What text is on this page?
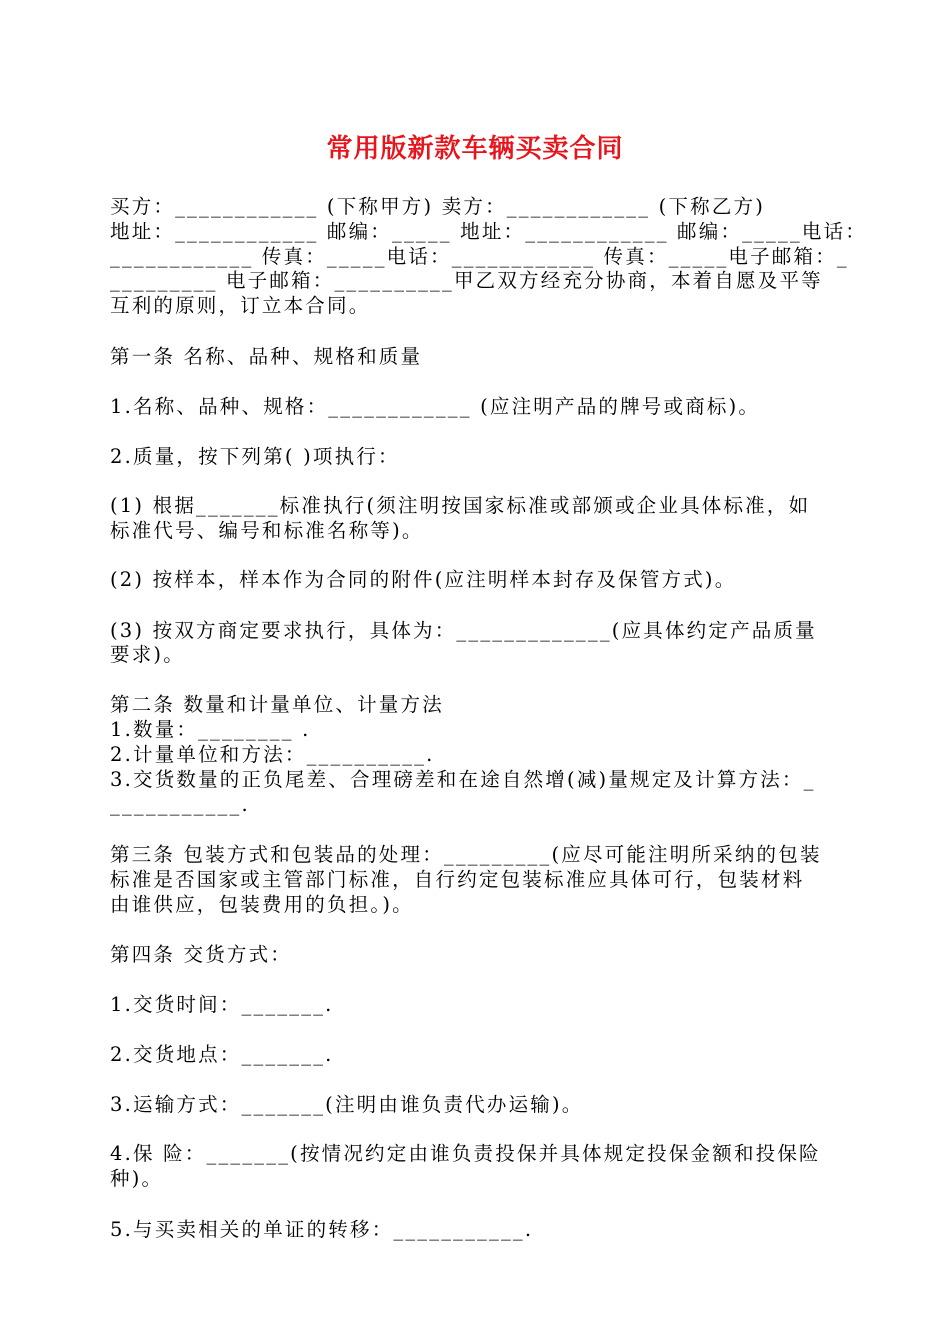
常用版新款车辆买卖合同
买方：____________ (下称甲方) 卖方：____________ (下称乙方)
地址：____________ 邮编：_____ 地址：____________ 邮编：_____电话：
____________ 传真：_____电话：____________ 传真：_____电子邮箱：_
_________ 电子邮箱：__________甲乙双方经充分协商，本着自愿及平等
互利的原则，订立本合同。
第一条 名称、品种、规格和质量
1.名称、品种、规格：____________ (应注明产品的牌号或商标)。
2.质量，按下列第( )项执行：
(1) 根据_______标准执行(须注明按国家标准或部颁或企业具体标准，如
标准代号、编号和标准名称等)。
(2) 按样本，样本作为合同的附件(应注明样本封存及保管方式)。
(3) 按双方商定要求执行，具体为：_____________(应具体约定产品质量
要求)。
第二条 数量和计量单位、计量方法
1.数量：________ .
2.计量单位和方法：__________.
3.交货数量的正负尾差、合理磅差和在途自然增(减)量规定及计算方法：_
___________.
第三条 包装方式和包装品的处理：_________(应尽可能注明所采纳的包装
标准是否国家或主管部门标准，自行约定包装标准应具体可行，包装材料
由谁供应，包装费用的负担。)。
第四条 交货方式：
1.交货时间：_______.
2.交货地点：_______.
3.运输方式：_______(注明由谁负责代办运输)。
4.保 险：_______(按情况约定由谁负责投保并具体规定投保金额和投保险
种)。
5.与买卖相关的单证的转移：___________.
